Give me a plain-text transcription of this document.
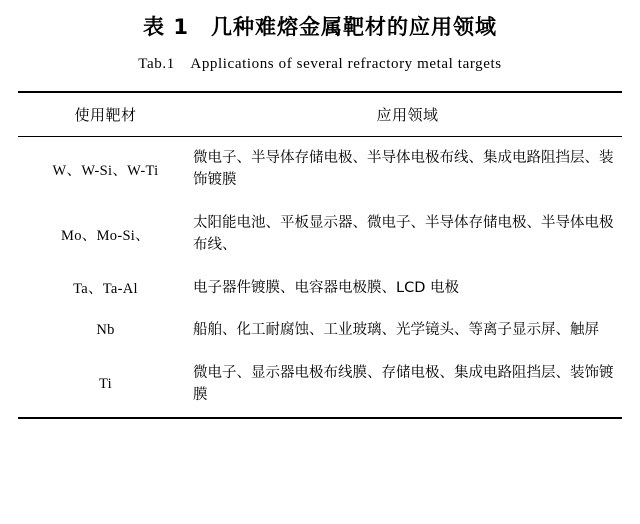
表 1　几种难熔金属靶材的应用领域
Tab.1　Applications of several refractory metal targets
使用靶材	应用领域
W、W-Si、W-Ti	微电子、半导体存储电极、半导体电极布线、集成电路阻挡层、装饰镀膜
Mo、Mo-Si、	太阳能电池、平板显示器、微电子、半导体存储电极、半导体电极布线、
Ta、Ta-Al	电子器件镀膜、电容器电极膜、LCD 电极
Nb	船舶、化工耐腐蚀、工业玻璃、光学镜头、等离子显示屏、触屏
Ti	微电子、显示器电极布线膜、存储电极、集成电路阻挡层、装饰镀膜
